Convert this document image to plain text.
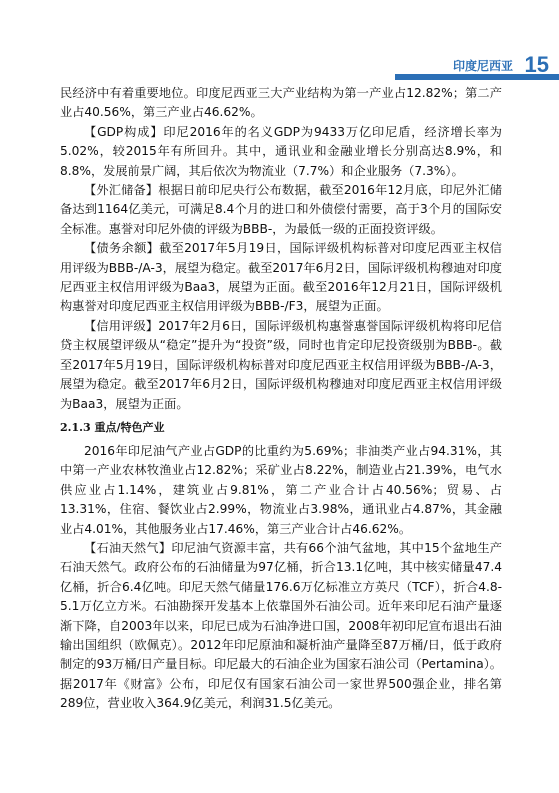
印度尼西亚 15

民经济中有着重要地位。印度尼西亚三大产业结构为第一产业占12.82%；第二产业占40.56%，第三产业占46.62%。

【GDP构成】印尼2016年的名义GDP为9433万亿印尼盾，经济增长率为5.02%，较2015年有所回升。其中，通讯业和金融业增长分别高达8.9%，和8.8%，发展前景广阔，其后依次为物流业（7.7%）和企业服务（7.3%）。

【外汇储备】根据日前印尼央行公布数据，截至2016年12月底，印尼外汇储备达到1164亿美元，可满足8.4个月的进口和外债偿付需要，高于3个月的国际安全标准。惠誉对印尼外债的评级为BBB-，为最低一级的正面投资评级。

【债务余额】截至2017年5月19日，国际评级机构标普对印度尼西亚主权信用评级为BBB-/A-3，展望为稳定。截至2017年6月2日，国际评级机构穆迪对印度尼西亚主权信用评级为Baa3，展望为正面。截至2016年12月21日，国际评级机构惠誉对印度尼西亚主权信用评级为BBB-/F3，展望为正面。

【信用评级】2017年2月6日，国际评级机构惠誉惠誉国际评级机构将印尼信贷主权展望评级从“稳定”提升为“投资”级，同时也肯定印尼投资级别为BBB-。截至2017年5月19日，国际评级机构标普对印度尼西亚主权信用评级为BBB-/A-3，展望为稳定。截至2017年6月2日，国际评级机构穆迪对印度尼西亚主权信用评级为Baa3，展望为正面。

2.1.3 重点/特色产业

2016年印尼油气产业占GDP的比重约为5.69%；非油类产业占94.31%，其中第一产业农林牧渔业占12.82%；采矿业占8.22%，制造业占21.39%，电气水供应业占1.14%，建筑业占9.81%，第二产业合计占40.56%；贸易、占13.31%，住宿、餐饮业占2.99%，物流业占3.98%，通讯业占4.87%，其金融业占4.01%，其他服务业占17.46%，第三产业合计占46.62%。

【石油天然气】印尼油气资源丰富，共有66个油气盆地，其中15个盆地生产石油天然气。政府公布的石油储量为97亿桶，折合13.1亿吨，其中核实储量47.4亿桶，折合6.4亿吨。印尼天然气储量176.6万亿标准立方英尺（TCF），折合4.8-5.1万亿立方米。石油勘探开发基本上依靠国外石油公司。近年来印尼石油产量逐渐下降，自2003年以来，印尼已成为石油净进口国，2008年初印尼宣布退出石油输出国组织（欧佩克）。2012年印尼原油和凝析油产量降至87万桶/日，低于政府制定的93万桶/日产量目标。印尼最大的石油企业为国家石油公司（Pertamina）。据2017年《财富》公布，印尼仅有国家石油公司一家世界500强企业，排名第289位，营业收入364.9亿美元，利润31.5亿美元。
